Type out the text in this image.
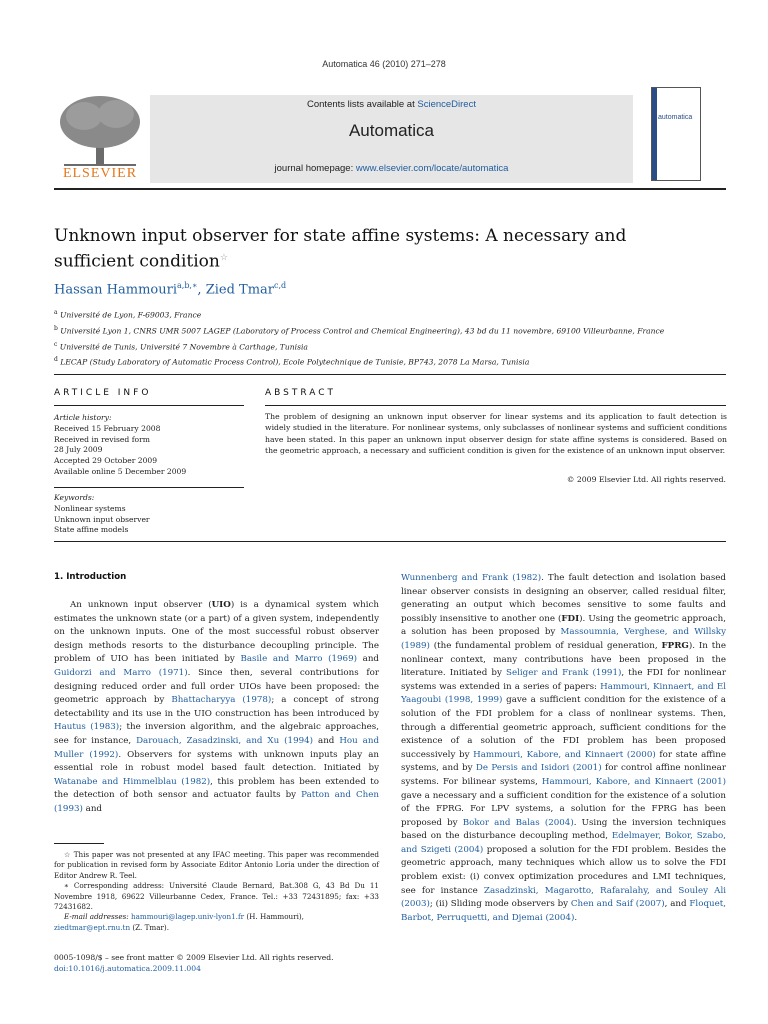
Automatica 46 (2010) 271–278
ELSEVIER
Contents lists available at ScienceDirect
Automatica
journal homepage: www.elsevier.com/locate/automatica
automatica
Unknown input observer for state affine systems: A necessary and
sufficient condition☆
Hassan Hammouri$^{a,b,∗}$, Zied Tmar$^{c,d}$
$^a$ Université de Lyon, F-69003, France
$^b$ Université Lyon 1, CNRS UMR 5007 LAGEP (Laboratory of Process Control and Chemical Engineering), 43 bd du 11 novembre, 69100 Villeurbanne, France
$^c$ Université de Tunis, Université 7 Novembre à Carthage, Tunisia
$^d$ LECAP (Study Laboratory of Automatic Process Control), Ecole Polytechnique de Tunisie, BP743, 2078 La Marsa, Tunisia
ARTICLE INFO
Article history:
Received 15 February 2008
Received in revised form
28 July 2009
Accepted 29 October 2009
Available online 5 December 2009
Keywords:
Nonlinear systems
Unknown input observer
State affine models
ABSTRACT
The problem of designing an unknown input observer for linear systems and its application to fault detection is widely studied in the literature. For nonlinear systems, only subclasses of nonlinear systems and sufficient conditions have been stated. In this paper an unknown input observer design for state affine systems is considered. Based on the geometric approach, a necessary and sufficient condition is given for the existence of an unknown input observer.
© 2009 Elsevier Ltd. All rights reserved.
1. Introduction

An unknown input observer (UIO) is a dynamical system which estimates the unknown state (or a part) of a given system, independently on the unknown inputs. One of the most successful robust observer design methods resorts to the disturbance decoupling principle. The problem of UIO has been initiated by Basile and Marro (1969) and Guidorzi and Marro (1971). Since then, several contributions for designing reduced order and full order UIOs have been proposed: the geometric approach by Bhattacharyya (1978); a concept of strong detectability and its use in the UIO construction has been introduced by Hautus (1983); the inversion algorithm, and the algebraic approaches, see for instance, Darouach, Zasadzinski, and Xu (1994) and Hou and Muller (1992). Observers for systems with unknown inputs play an essential role in robust model based fault detection. Initiated by Watanabe and Himmelblau (1982), this problem has been extended to the detection of both sensor and actuator faults by Patton and Chen (1993) and

Wunnenberg and Frank (1982). The fault detection and isolation based linear observer consists in designing an observer, called residual filter, generating an output which becomes sensitive to some faults and possibly insensitive to another one (FDI). Using the geometric approach, a solution has been proposed by Massoumnia, Verghese, and Willsky (1989) (the fundamental problem of residual generation, FPRG). In the nonlinear context, many contributions have been proposed in the literature. Initiated by Seliger and Frank (1991), the FDI for nonlinear systems was extended in a series of papers: Hammouri, Kinnaert, and El Yaagoubi (1998, 1999) gave a sufficient condition for the existence of a solution of the FDI problem for a class of nonlinear systems. Then, through a differential geometric approach, sufficient conditions for the existence of a solution of the FDI problem has been proposed successively by Hammouri, Kabore, and Kinnaert (2000) for state affine systems, and by De Persis and Isidori (2001) for control affine nonlinear systems. For bilinear systems, Hammouri, Kabore, and Kinnaert (2001) gave a necessary and a sufficient condition for the existence of a solution of the FPRG. For LPV systems, a solution for the FPRG has been proposed by Bokor and Balas (2004). Using the inversion techniques based on the disturbance decoupling method, Edelmayer, Bokor, Szabo, and Szigeti (2004) proposed a solution for the FDI problem. Besides the geometric approach, many techniques which allow us to solve the FDI problem exist: (i) convex optimization procedures and LMI techniques, see for instance Zasadzinski, Magarotto, Rafaralahy, and Souley Ali (2003); (ii) Sliding mode observers by Chen and Saif (2007), and Floquet, Barbot, Perruquetti, and Djemai (2004).

☆ This paper was not presented at any IFAC meeting. This paper was recommended for publication in revised form by Associate Editor Antonio Loria under the direction of Editor Andrew R. Teel.

∗ Corresponding address: Université Claude Bernard, Bat.308 G, 43 Bd Du 11 Novembre 1918, 69622 Villeurbanne Cedex, France. Tel.: +33 72431895; fax: +33 72431682.

E-mail addresses: hammouri@lagep.univ-lyon1.fr (H. Hammouri),
ziedtmar@ept.rnu.tn (Z. Tmar).

0005-1098/$ – see front matter © 2009 Elsevier Ltd. All rights reserved.
doi:10.1016/j.automatica.2009.11.004
